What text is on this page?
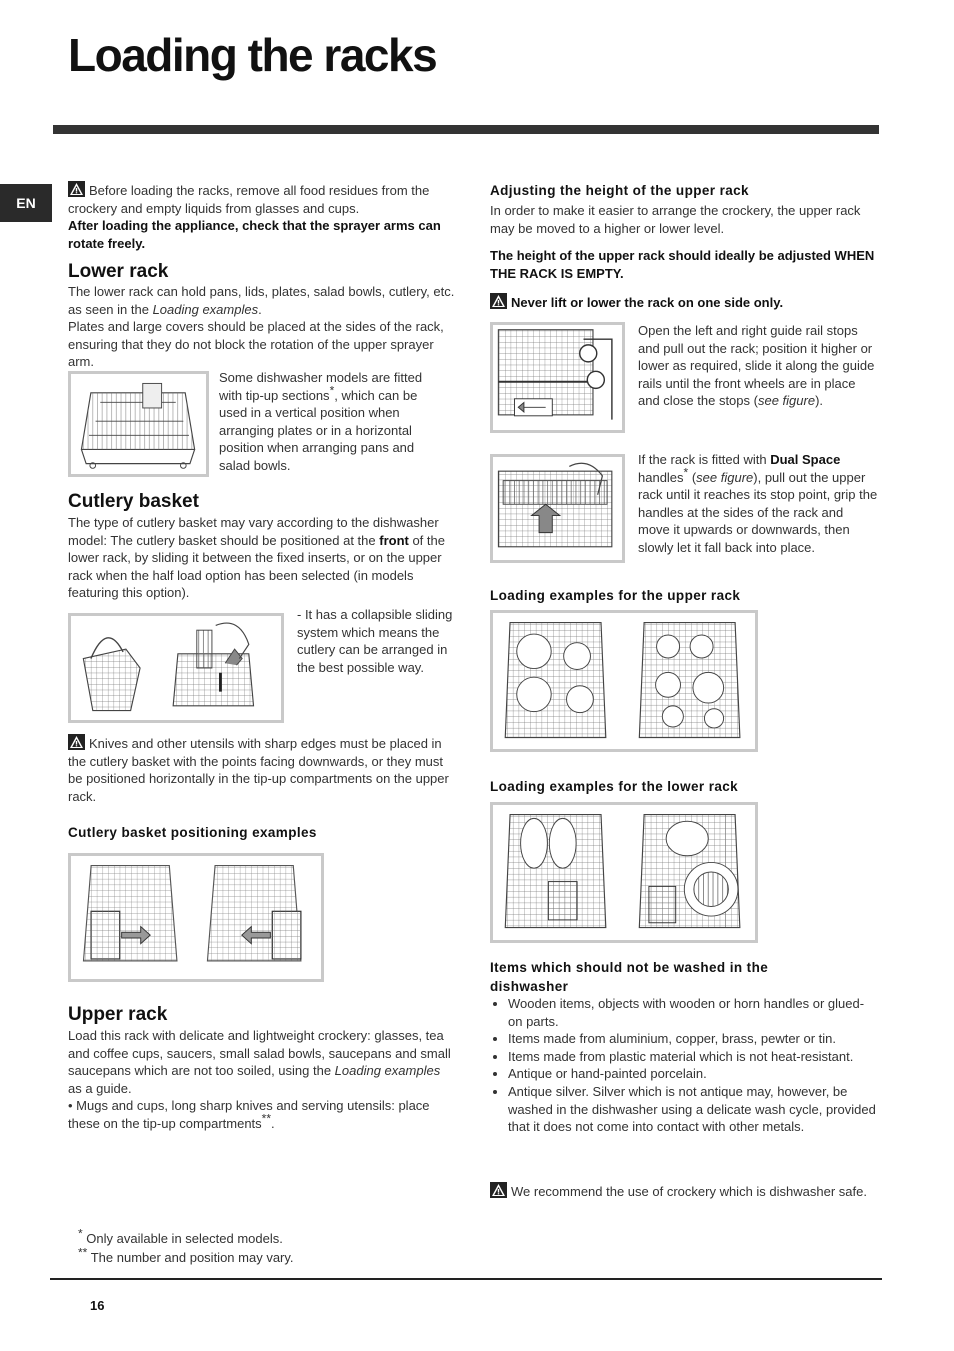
Loading the racks
EN
Before loading the racks, remove all food residues from the crockery and empty liquids from glasses and cups.
After loading the appliance, check that the sprayer arms can rotate freely.
Lower rack
The lower rack can hold pans, lids, plates, salad bowls, cutlery, etc. as seen in the Loading examples.
Plates and large covers should be placed at the sides of the rack, ensuring that they do not block the rotation of the upper sprayer arm.
Some dishwasher models are fitted with tip-up sections*, which can be used in a vertical position when arranging plates or in a horizontal position when arranging pans and salad bowls.
Cutlery basket
The type of cutlery basket may vary according to the dishwasher model: The cutlery basket should be positioned at the front of the lower rack, by sliding it between the fixed inserts, or on the upper rack when the half load option has been selected (in models featuring this option).
- It has a collapsible sliding system which means the cutlery can be arranged in the best possible way.
Knives and other utensils with sharp edges must be placed in the cutlery basket with the points facing downwards, or they must be positioned horizontally in the tip-up compartments on the upper rack.
Cutlery basket positioning examples
Upper rack
Load this rack with delicate and lightweight crockery: glasses, tea and coffee cups, saucers, small salad bowls, saucepans and small saucepans which are not too soiled, using the Loading examples as a guide.
• Mugs and cups, long sharp knives and serving utensils: place these on the tip-up compartments**.
* Only available in selected models.
** The number and position may vary.
Adjusting the height of the upper rack
In order to make it easier to arrange the crockery, the upper rack may be moved to a higher or lower level.
The height of the upper rack should ideally be adjusted WHEN THE RACK IS EMPTY.
Never lift or lower the rack on one side only.
Open the left and right guide rail stops and pull out the rack; position it higher or lower as required, slide it along the guide rails until the front wheels are in place and close the stops (see figure).
If the rack is fitted with Dual Space handles* (see figure), pull out the upper rack until it reaches its stop point, grip the handles at the sides of the rack and move it upwards or downwards, then slowly let it fall back into place.
Loading examples for the upper rack
Loading examples for the lower rack
Items which should not be washed in the dishwasher
• Wooden items, objects with wooden or horn handles or glued-on parts.
• Items made from aluminium, copper, brass, pewter or tin.
• Items made from plastic material which is not heat-resistant.
• Antique or hand-painted porcelain.
• Antique silver. Silver which is not antique may, however, be washed in the dishwasher using a delicate wash cycle, provided that it does not come into contact with other metals.
We recommend the use of crockery which is dishwasher safe.
16
